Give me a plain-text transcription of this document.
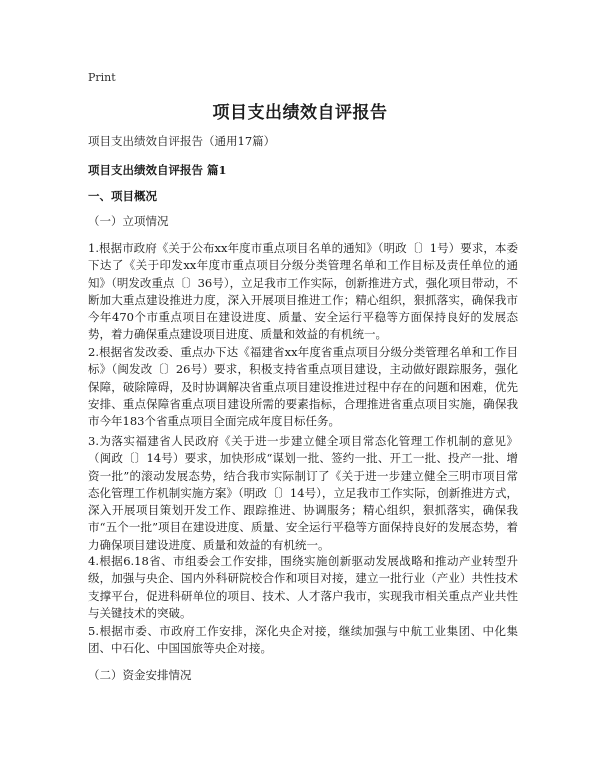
Print
项目支出绩效自评报告
项目支出绩效自评报告（通用17篇）
项目支出绩效自评报告 篇1
一、项目概况
（一）立项情况
1.根据市政府《关于公布xx年度市重点项目名单的通知》（明政〔〕1号）要求，本委下达了《关于印发xx年度市重点项目分级分类管理名单和工作目标及责任单位的通知》（明发改重点〔〕36号），立足我市工作实际，创新推进方式，强化项目带动，不断加大重点建设推进力度，深入开展项目推进工作；精心组织，狠抓落实，确保我市今年470个市重点项目在建设进度、质量、安全运行平稳等方面保持良好的发展态势，着力确保重点建设项目进度、质量和效益的有机统一。
2.根据省发改委、重点办下达《福建省xx年度省重点项目分级分类管理名单和工作目标》（闽发改〔〕26号）要求，积极支持省重点项目建设，主动做好跟踪服务，强化保障，破除障碍，及时协调解决省重点项目建设推进过程中存在的问题和困难，优先安排、重点保障省重点项目建设所需的要素指标，合理推进省重点项目实施，确保我市今年183个省重点项目全面完成年度目标任务。
3.为落实福建省人民政府《关于进一步建立健全项目常态化管理工作机制的意见》（闽政〔〕14号）要求，加快形成“谋划一批、签约一批、开工一批、投产一批、增资一批”的滚动发展态势，结合我市实际制订了《关于进一步建立健全三明市项目常态化管理工作机制实施方案》（明政〔〕14号），立足我市工作实际，创新推进方式，深入开展项目策划开发工作、跟踪推进、协调服务；精心组织，狠抓落实，确保我市“五个一批”项目在建设进度、质量、安全运行平稳等方面保持良好的发展态势，着力确保项目建设进度、质量和效益的有机统一。
4.根据6.18省、市组委会工作安排，围绕实施创新驱动发展战略和推动产业转型升级，加强与央企、国内外科研院校合作和项目对接，建立一批行业（产业）共性技术支撑平台，促进科研单位的项目、技术、人才落户我市，实现我市相关重点产业共性与关键技术的突破。
5.根据市委、市政府工作安排，深化央企对接，继续加强与中航工业集团、中化集团、中石化、中国国旅等央企对接。
（二）资金安排情况
